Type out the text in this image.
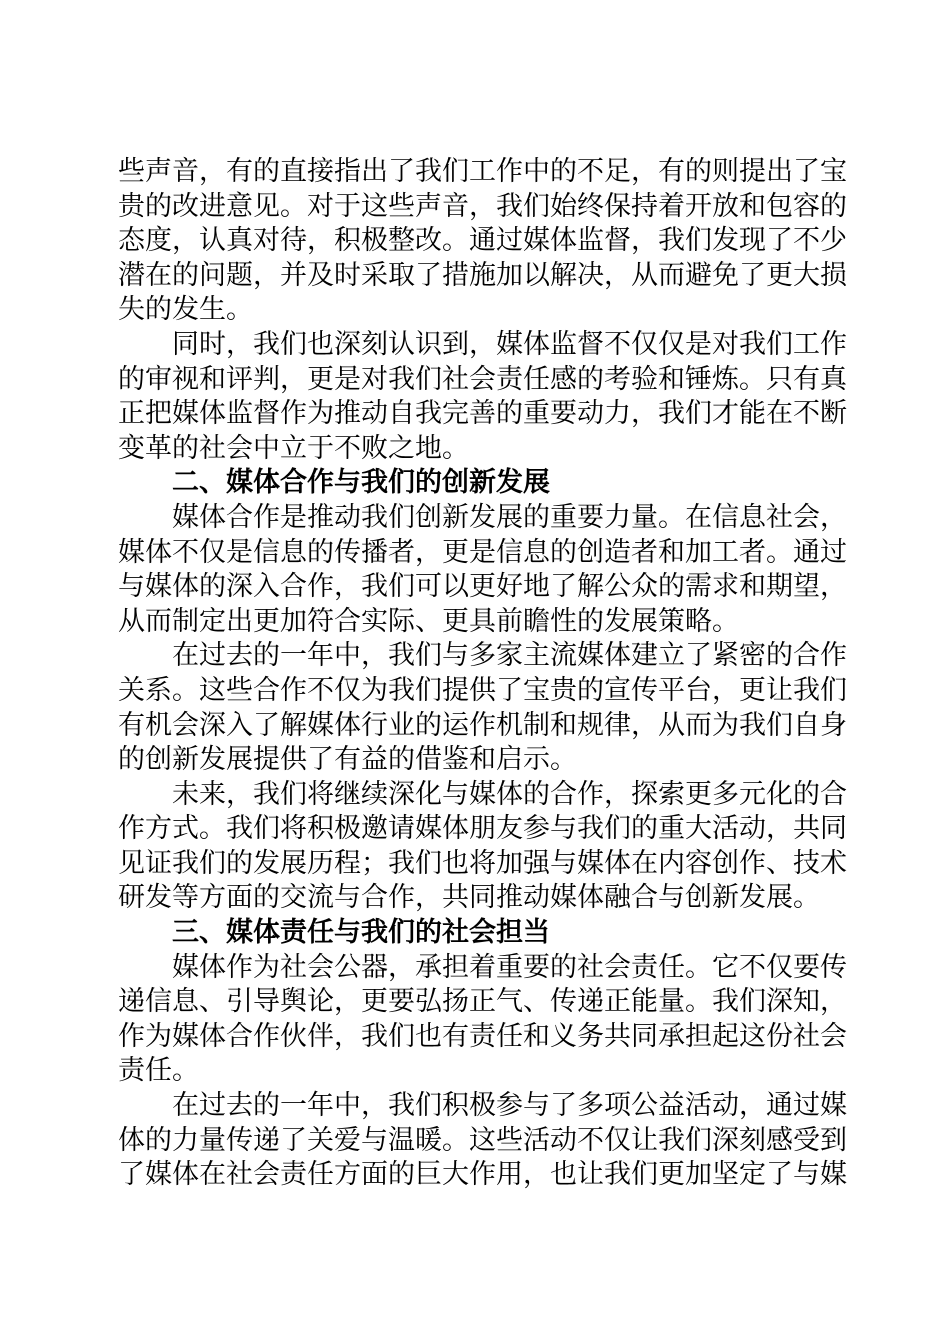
些声音，有的直接指出了我们工作中的不足，有的则提出了宝
贵的改进意见。对于这些声音，我们始终保持着开放和包容的
态度，认真对待，积极整改。通过媒体监督，我们发现了不少
潜在的问题，并及时采取了措施加以解决，从而避免了更大损
失的发生。
同时，我们也深刻认识到，媒体监督不仅仅是对我们工作
的审视和评判，更是对我们社会责任感的考验和锤炼。只有真
正把媒体监督作为推动自我完善的重要动力，我们才能在不断
变革的社会中立于不败之地。
二、媒体合作与我们的创新发展
媒体合作是推动我们创新发展的重要力量。在信息社会，
媒体不仅是信息的传播者，更是信息的创造者和加工者。通过
与媒体的深入合作，我们可以更好地了解公众的需求和期望，
从而制定出更加符合实际、更具前瞻性的发展策略。
在过去的一年中，我们与多家主流媒体建立了紧密的合作
关系。这些合作不仅为我们提供了宝贵的宣传平台，更让我们
有机会深入了解媒体行业的运作机制和规律，从而为我们自身
的创新发展提供了有益的借鉴和启示。
未来，我们将继续深化与媒体的合作，探索更多元化的合
作方式。我们将积极邀请媒体朋友参与我们的重大活动，共同
见证我们的发展历程；我们也将加强与媒体在内容创作、技术
研发等方面的交流与合作，共同推动媒体融合与创新发展。
三、媒体责任与我们的社会担当
媒体作为社会公器，承担着重要的社会责任。它不仅要传
递信息、引导舆论，更要弘扬正气、传递正能量。我们深知，
作为媒体合作伙伴，我们也有责任和义务共同承担起这份社会
责任。
在过去的一年中，我们积极参与了多项公益活动，通过媒
体的力量传递了关爱与温暖。这些活动不仅让我们深刻感受到
了媒体在社会责任方面的巨大作用，也让我们更加坚定了与媒
